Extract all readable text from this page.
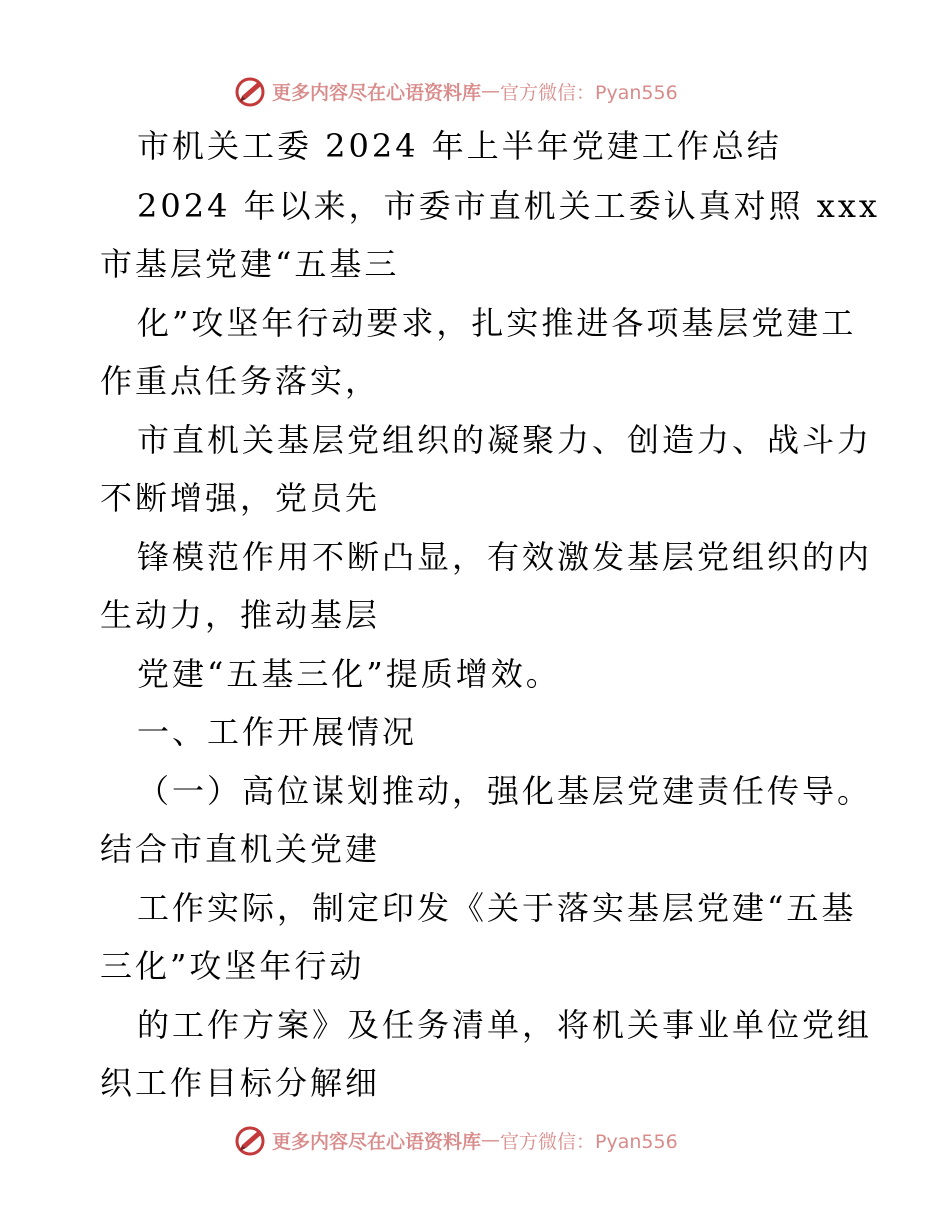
更多内容尽在心语资料库 — 官方微信：Pyan556
市机关工委 2024 年上半年党建工作总结
2024 年以来，市委市直机关工委认真对照 xxx
市基层党建“五基三
化”攻坚年行动要求，扎实推进各项基层党建工
作重点任务落实，
市直机关基层党组织的凝聚力、创造力、战斗力
不断增强，党员先
锋模范作用不断凸显，有效激发基层党组织的内
生动力，推动基层
党建“五基三化”提质增效。
一、工作开展情况
（一）高位谋划推动，强化基层党建责任传导。
结合市直机关党建
工作实际，制定印发《关于落实基层党建“五基
三化”攻坚年行动
的工作方案》及任务清单，将机关事业单位党组
织工作目标分解细
更多内容尽在心语资料库 — 官方微信：Pyan556
